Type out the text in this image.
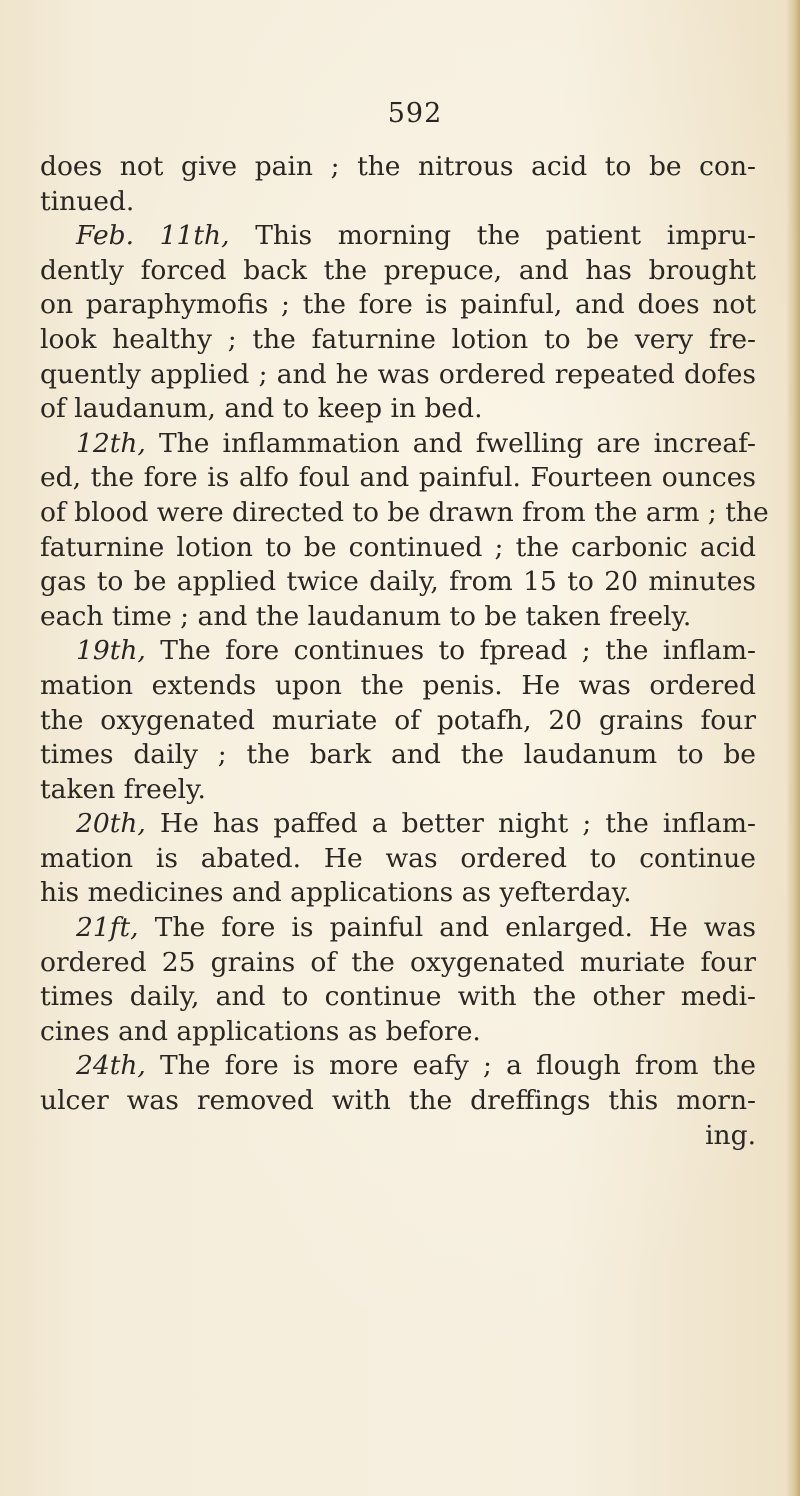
592
does not give pain ; the nitrous acid to be con-
tinued.
Feb. 11th, This morning the patient impru-
dently forced back the prepuce, and has brought
on paraphymofis ; the fore is painful, and does not
look healthy ; the faturnine lotion to be very fre-
quently applied ; and he was ordered repeated dofes
of laudanum, and to keep in bed.
12th, The inflammation and fwelling are increaf-
ed, the fore is alfo foul and painful. Fourteen ounces
of blood were directed to be drawn from the arm ; the
faturnine lotion to be continued ; the carbonic acid
gas to be applied twice daily, from 15 to 20 minutes
each time ; and the laudanum to be taken freely.
19th, The fore continues to fpread ; the inflam-
mation extends upon the penis. He was ordered
the oxygenated muriate of potafh, 20 grains four
times daily ; the bark and the laudanum to be
taken freely.
20th, He has paffed a better night ; the inflam-
mation is abated. He was ordered to continue
his medicines and applications as yefterday.
21ft, The fore is painful and enlarged. He was
ordered 25 grains of the oxygenated muriate four
times daily, and to continue with the other medi-
cines and applications as before.
24th, The fore is more eafy ; a flough from the
ulcer was removed with the dreffings this morn-
ing.
